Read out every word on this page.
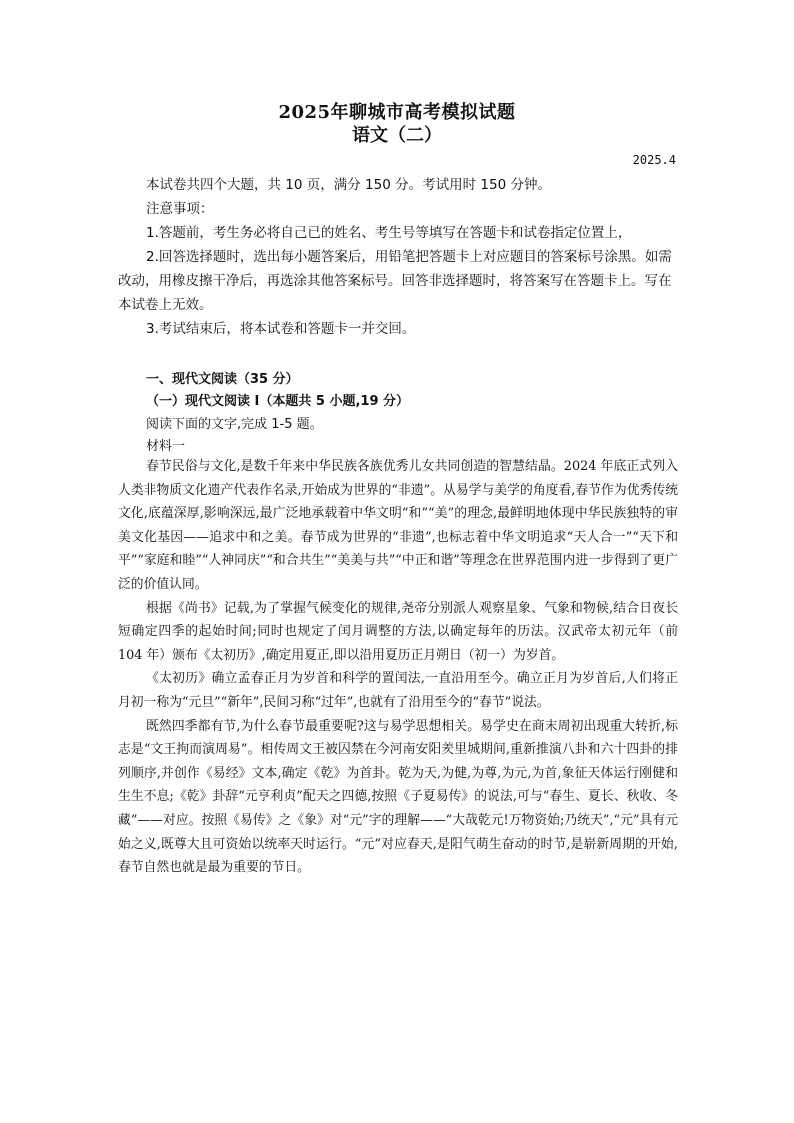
2025年聊城市高考模拟试题
语文（二）
2025.4

本试卷共四个大题，共 10 页，满分 150 分。考试用时 150 分钟。

注意事项：

1.答题前，考生务必将自己已的姓名、考生号等填写在答题卡和试卷指定位置上，

2.回答选择题时，选出每小题答案后，用铅笔把答题卡上对应题目的答案标号涂黑。如需改动，用橡皮擦干净后，再选涂其他答案标号。回答非选择题时，将答案写在答题卡上。写在本试卷上无效。

3.考试结束后，将本试卷和答题卡一并交回。

一、现代文阅读（35 分）
（一）现代文阅读 I（本题共 5 小题,19 分）
阅读下面的文字,完成 1-5 题。
材料一

春节民俗与文化,是数千年来中华民族各族优秀儿女共同创造的智慧结晶。2024 年底正式列入人类非物质文化遗产代表作名录,开始成为世界的“非遗”。从易学与美学的角度看,春节作为优秀传统文化,底蕴深厚,影响深远,最广泛地承载着中华文明“和”“美”的理念,最鲜明地体现中华民族独特的审美文化基因——追求中和之美。春节成为世界的“非遗”,也标志着中华文明追求“天人合一”“天下和平”“家庭和睦”“人神同庆”“和合共生”“美美与共”“中正和谐”等理念在世界范围内进一步得到了更广泛的价值认同。

根据《尚书》记载,为了掌握气候变化的规律,尧帝分别派人观察星象、气象和物候,结合日夜长短确定四季的起始时间;同时也规定了闰月调整的方法,以确定每年的历法。汉武帝太初元年（前 104 年）颁布《太初历》,确定用夏正,即以沿用夏历正月朔日（初一）为岁首。

《太初历》确立孟春正月为岁首和科学的置闰法,一直沿用至今。确立正月为岁首后,人们将正月初一称为“元旦”“新年”,民间习称“过年”,也就有了沿用至今的“春节”说法。

既然四季都有节,为什么春节最重要呢?这与易学思想相关。易学史在商末周初出现重大转折,标志是“文王拘而演周易”。相传周文王被囚禁在今河南安阳羑里城期间,重新推演八卦和六十四卦的排列顺序,并创作《易经》文本,确定《乾》为首卦。乾为天,为健,为尊,为元,为首,象征天体运行刚健和生生不息;《乾》卦辞“元亨利贞”配天之四德,按照《子夏易传》的说法,可与“春生、夏长、秋收、冬藏”——对应。按照《易传》之《象》对“元”字的理解——“大哉乾元!万物资始;乃统天”,“元”具有元始之义,既尊大且可资始以统率天时运行。“元”对应春天,是阳气萌生奋动的时节,是崭新周期的开始,春节自然也就是最为重要的节日。
